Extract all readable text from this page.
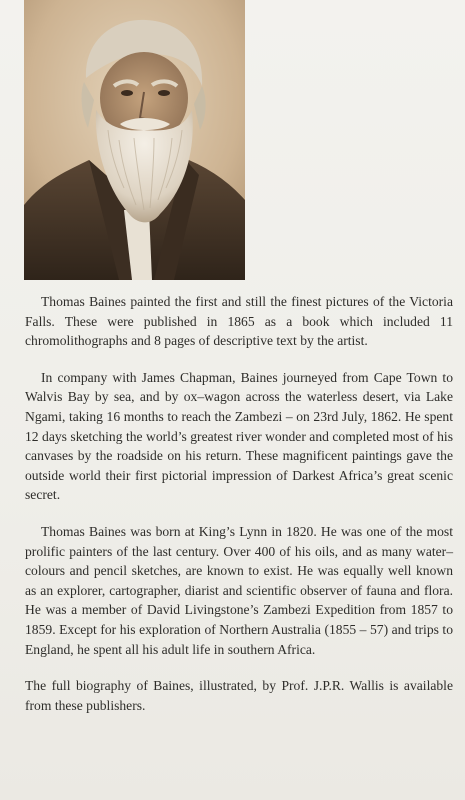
Thomas Baines painted the first and still the finest pictures of the Victoria Falls. These were published in 1865 as a book which included 11 chromolithographs and 8 pages of descriptive text by the artist.

In company with James Chapman, Baines journeyed from Cape Town to Walvis Bay by sea, and by ox–wagon across the waterless desert, via Lake Ngami, taking 16 months to reach the Zambezi – on 23rd July, 1862. He spent 12 days sketching the world’s greatest river wonder and completed most of his canvases by the roadside on his return. These magnificent paintings gave the outside world their first pictorial impression of Darkest Africa’s great scenic secret.

Thomas Baines was born at King’s Lynn in 1820. He was one of the most prolific painters of the last century. Over 400 of his oils, and as many water–colours and pencil sketches, are known to exist. He was equally well known as an explorer, cartographer, diarist and scientific observer of fauna and flora. He was a member of David Livingstone’s Zambezi Expedition from 1857 to 1859. Except for his exploration of Northern Australia (1855 – 57) and trips to England, he spent all his adult life in southern Africa.

The full biography of Baines, illustrated, by Prof. J.P.R. Wallis is available from these publishers.
